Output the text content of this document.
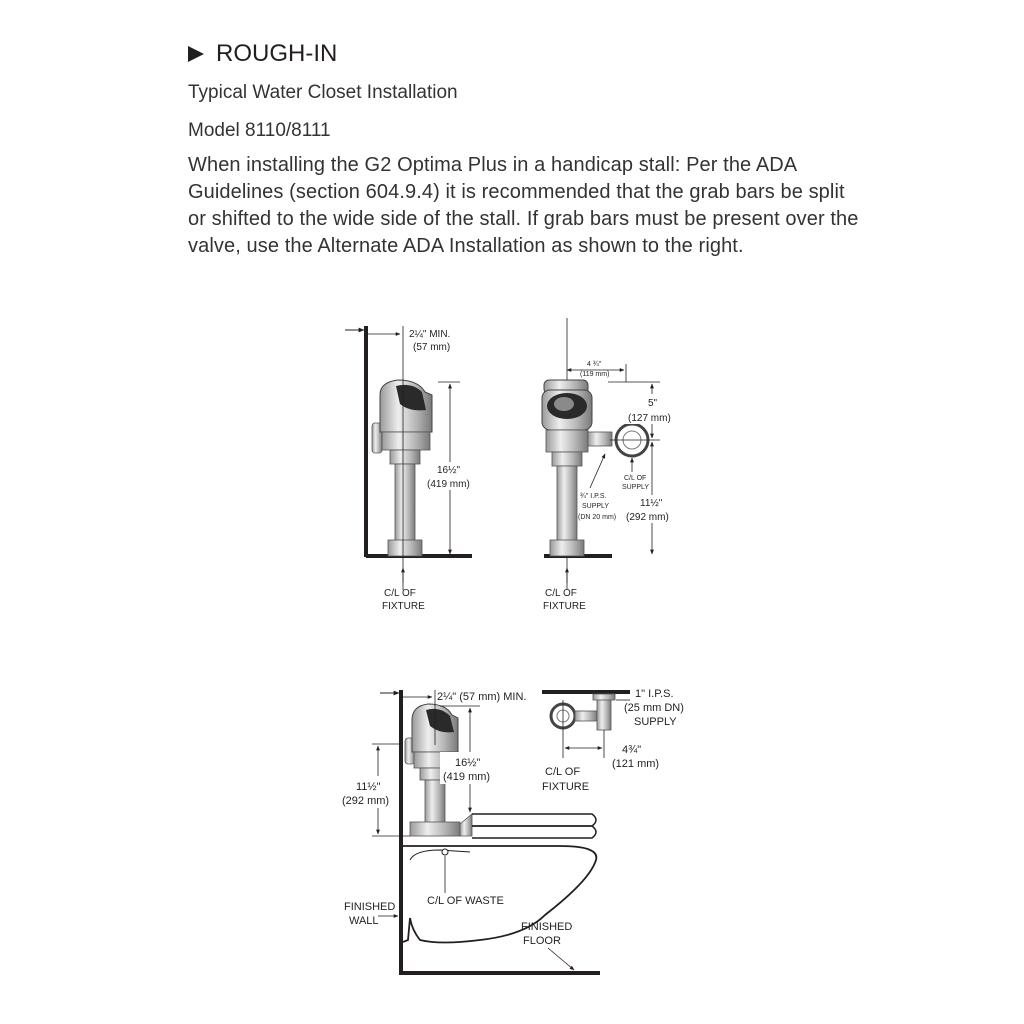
ROUGH-IN

Typical Water Closet Installation

Model 8110/8111

When installing the G2 Optima Plus in a handicap stall: Per the ADA Guidelines (section 604.9.4) it is recommended that the grab bars be split or shifted to the wide side of the stall. If grab bars must be present over the valve, use the Alternate ADA Installation as shown to the right.

2¼" MIN.
(57 mm)
16½"
(419 mm)
C/L OF
FIXTURE
4 ¾"
(119 mm)
5"
(127 mm)
C/L OF
SUPPLY
¾" I.P.S.
SUPPLY
(DN 20 mm)
11½"
(292 mm)
C/L OF
FIXTURE
2¼" (57 mm) MIN.
16½"
(419 mm)
11½"
(292 mm)
1" I.P.S.
(25 mm DN)
SUPPLY
4¾"
(121 mm)
C/L OF
FIXTURE
FINISHED
WALL
C/L OF WASTE
FINISHED
FLOOR
